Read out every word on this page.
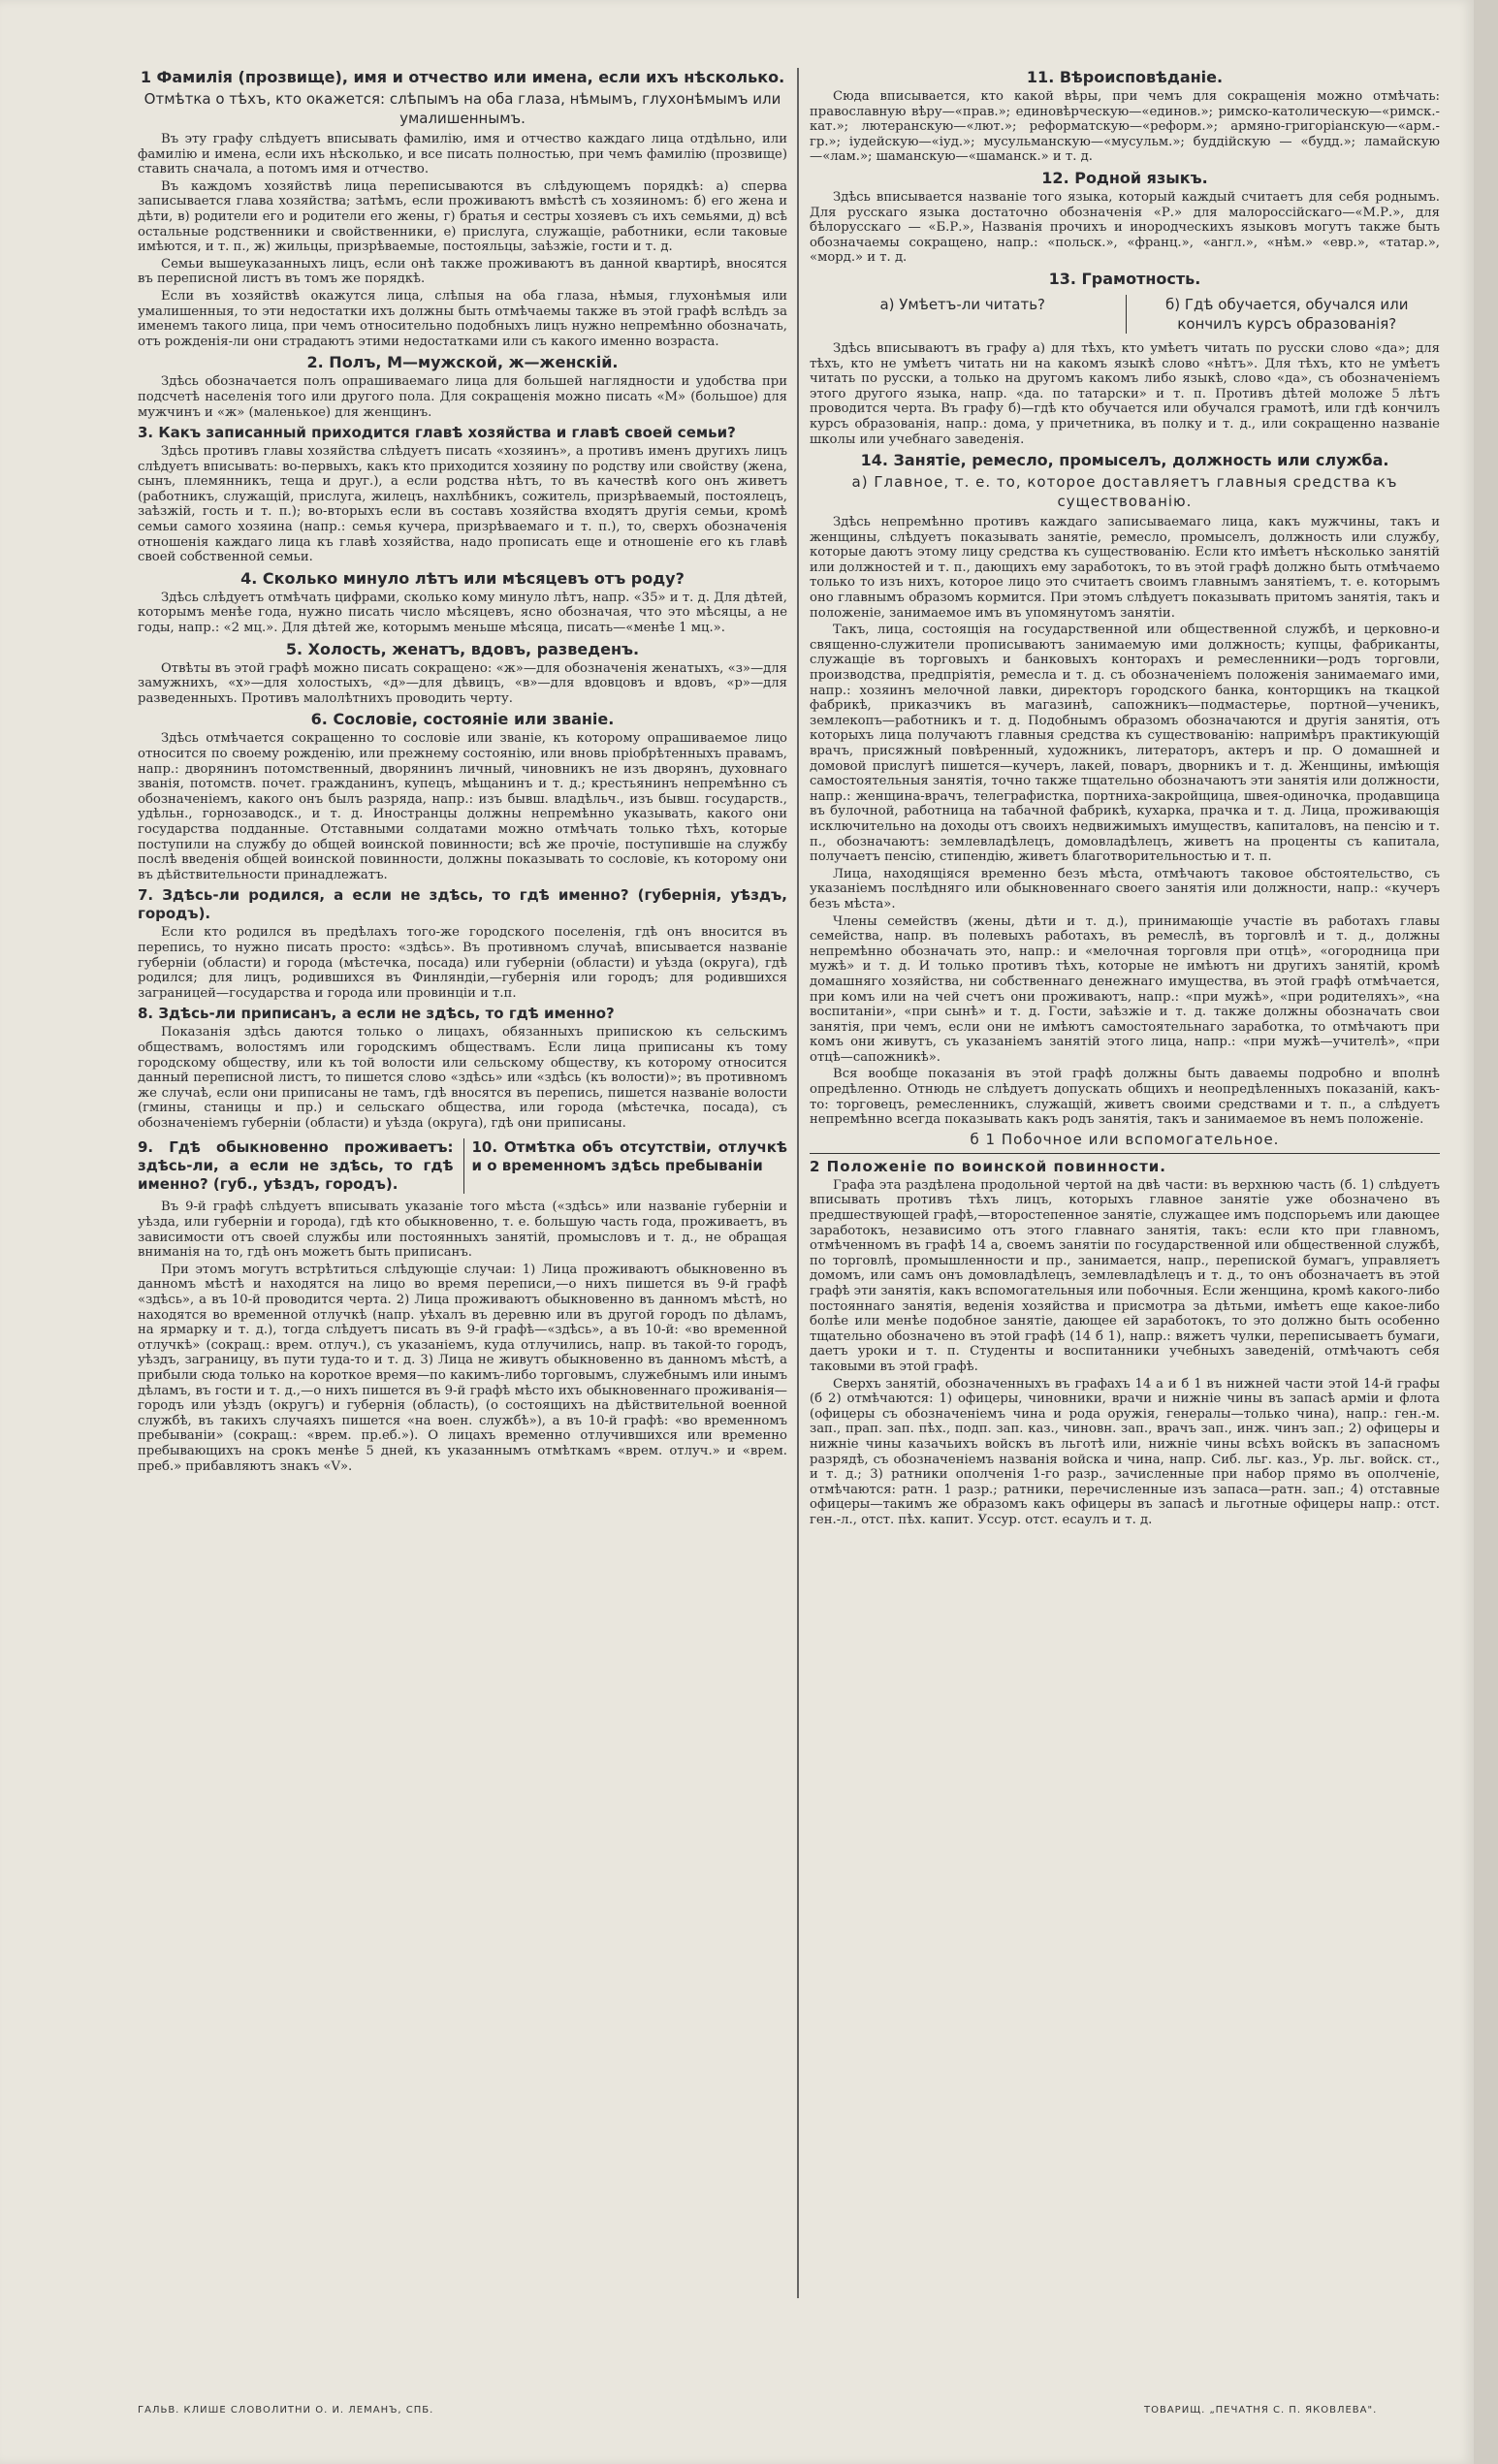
1 Фамилія (прозвище), имя и отчество или имена, если ихъ нѣсколько.
Отмѣтка о тѣхъ, кто окажется: слѣпымъ на оба глаза, нѣмымъ, глухонѣмымъ или умалишеннымъ.

Въ эту графу слѣдуетъ вписывать фамилію, имя и отчество каждаго лица отдѣльно, или фамилію и имена, если ихъ нѣсколько, и все писать полностью, при чемъ фамилію (прозвище) ставить сначала, а потомъ имя и отчество.

Въ каждомъ хозяйствѣ лица переписываются въ слѣдующемъ порядкѣ: а) сперва записывается глава хозяйства; затѣмъ, если проживаютъ вмѣстѣ съ хозяиномъ: б) его жена и дѣти, в) родители его и родители его жены, г) братья и сестры хозяевъ съ ихъ семьями, д) всѣ остальные родственники и свойственники, е) прислуга, служащіе, работники, если таковые имѣются, и т. п., ж) жильцы, призрѣваемые, постояльцы, заѣзжіе, гости и т. д.

Семьи вышеуказанныхъ лицъ, если онѣ также проживаютъ въ данной квартирѣ, вносятся въ переписной листъ въ томъ же порядкѣ.

Если въ хозяйствѣ окажутся лица, слѣпыя на оба глаза, нѣмыя, глухонѣмыя или умалишенныя, то эти недостатки ихъ должны быть отмѣчаемы также въ этой графѣ вслѣдъ за именемъ такого лица, при чемъ относительно подобныхъ лицъ нужно непремѣнно обозначать, отъ рожденія-ли они страдаютъ этими недостатками или съ какого именно возраста.

2. Полъ, М—мужской, ж—женскій.

Здѣсь обозначается полъ опрашиваемаго лица для большей наглядности и удобства при подсчетѣ населенія того или другого пола. Для сокращенія можно писать «М» (большое) для мужчинъ и «ж» (маленькое) для женщинъ.

3. Какъ записанный приходится главѣ хозяйства и главѣ своей семьи?

Здѣсь противъ главы хозяйства слѣдуетъ писать «хозяинъ», а противъ именъ другихъ лицъ слѣдуетъ вписывать: во-первыхъ, какъ кто приходится хозяину по родству или свойству (жена, сынъ, племянникъ, теща и друг.), а если родства нѣтъ, то въ качествѣ кого онъ живетъ (работникъ, служащій, прислуга, жилецъ, нахлѣбникъ, сожитель, призрѣваемый, постоялецъ, заѣзжій, гость и т. п.); во-вторыхъ если въ составъ хозяйства входятъ другія семьи, кромѣ семьи самого хозяина (напр.: семья кучера, призрѣваемаго и т. п.), то, сверхъ обозначенія отношенія каждаго лица къ главѣ хозяйства, надо прописать еще и отношеніе его къ главѣ своей собственной семьи.

4. Сколько минуло лѣтъ или мѣсяцевъ отъ роду?

Здѣсь слѣдуетъ отмѣчать цифрами, сколько кому минуло лѣтъ, напр. «35» и т. д. Для дѣтей, которымъ менѣе года, нужно писать число мѣсяцевъ, ясно обозначая, что это мѣсяцы, а не годы, напр.: «2 мц.». Для дѣтей же, которымъ меньше мѣсяца, писать—«менѣе 1 мц.».

5. Холость, женатъ, вдовъ, разведенъ.

Отвѣты въ этой графѣ можно писать сокращено: «ж»—для обозначенія женатыхъ, «з»—для замужнихъ, «х»—для холостыхъ, «д»—для дѣвицъ, «в»—для вдовцовъ и вдовъ, «р»—для разведенныхъ. Противъ малолѣтнихъ проводить черту.

6. Сословіе, состояніе или званіе.

Здѣсь отмѣчается сокращенно то сословіе или званіе, къ которому опрашиваемое лицо относится по своему рожденію, или прежнему состоянію, или вновь пріобрѣтенныхъ правамъ, напр.: дворянинъ потомственный, дворянинъ личный, чиновникъ не изъ дворянъ, духовнаго званія, потомств. почет. гражданинъ, купецъ, мѣщанинъ и т. д.; крестьянинъ непремѣнно съ обозначеніемъ, какого онъ былъ разряда, напр.: изъ бывш. владѣльч., изъ бывш. государств., удѣльн., горнозаводск., и т. д. Иностранцы должны непремѣнно указывать, какого они государства подданные. Отставными солдатами можно отмѣчать только тѣхъ, которые поступили на службу до общей воинской повинности; всѣ же прочіе, поступившіе на службу послѣ введенія общей воинской повинности, должны показывать то сословіе, къ которому они въ дѣйствительности принадлежатъ.

7. Здѣсь-ли родился, а если не здѣсь, то гдѣ именно? (губернія, уѣздъ, городъ).

Если кто родился въ предѣлахъ того-же городского поселенія, гдѣ онъ вносится въ перепись, то нужно писать просто: «здѣсь». Въ противномъ случаѣ, вписывается названіе губерніи (области) и города (мѣстечка, посада) или губерніи (области) и уѣзда (округа), гдѣ родился; для лицъ, родившихся въ Финляндіи,—губернія или городъ; для родившихся заграницей—государства и города или провинціи и т.п.

8. Здѣсь-ли приписанъ, а если не здѣсь, то гдѣ именно?

Показанія здѣсь даются только о лицахъ, обязанныхъ припискою къ сельскимъ обществамъ, волостямъ или городскимъ обществамъ. Если лица приписаны къ тому городскому обществу, или къ той волости или сельскому обществу, къ которому относится данный переписной листъ, то пишется слово «здѣсь» или «здѣсь (къ волости)»; въ противномъ же случаѣ, если они приписаны не тамъ, гдѣ вносятся въ перепись, пишется названіе волости (гмины, станицы и пр.) и сельскаго общества, или города (мѣстечка, посада), съ обозначеніемъ губерніи (области) и уѣзда (округа), гдѣ они приписаны.

9. Гдѣ обыкновенно проживаетъ: здѣсь-ли, а если не здѣсь, то гдѣ именно? (губ., уѣздъ, городъ).
10. Отмѣтка объ отсутствіи, отлучкѣ и о временномъ здѣсь пребываніи

Въ 9-й графѣ слѣдуетъ вписывать указаніе того мѣста («здѣсь» или названіе губерніи и уѣзда, или губерніи и города), гдѣ кто обыкновенно, т. е. большую часть года, проживаетъ, въ зависимости отъ своей службы или постоянныхъ занятій, промысловъ и т. д., не обращая вниманія на то, гдѣ онъ можетъ быть приписанъ.

При этомъ могутъ встрѣтиться слѣдующіе случаи: 1) Лица проживаютъ обыкновенно въ данномъ мѣстѣ и находятся на лицо во время переписи,—о нихъ пишется въ 9-й графѣ «здѣсь», а въ 10-й проводится черта. 2) Лица проживаютъ обыкновенно въ данномъ мѣстѣ, но находятся во временной отлучкѣ (напр. уѣхалъ въ деревню или въ другой городъ по дѣламъ, на ярмарку и т. д.), тогда слѣдуетъ писать въ 9-й графѣ—«здѣсь», а въ 10-й: «во временной отлучкѣ» (сокращ.: врем. отлуч.), съ указаніемъ, куда отлучились, напр. въ такой-то городъ, уѣздъ, заграницу, въ пути туда-то и т. д. 3) Лица не живутъ обыкновенно въ данномъ мѣстѣ, а прибыли сюда только на короткое время—по какимъ-либо торговымъ, служебнымъ или инымъ дѣламъ, въ гости и т. д.,—о нихъ пишется въ 9-й графѣ мѣсто ихъ обыкновеннаго проживанія—городъ или уѣздъ (округъ) и губернія (область), (о состоящихъ на дѣйствительной военной службѣ, въ такихъ случаяхъ пишется «на воен. службѣ»), а въ 10-й графѣ: «во временномъ пребываніи» (сокращ.: «врем. пр.еб.»). О лицахъ временно отлучившихся или временно пребывающихъ на срокъ менѣе 5 дней, къ указаннымъ отмѣткамъ «врем. отлуч.» и «врем. преб.» прибавляютъ знакъ «V».

11. Вѣроисповѣданіе.

Сюда вписывается, кто какой вѣры, при чемъ для сокращенія можно отмѣчать: православную вѣру—«прав.»; единовѣрческую—«единов.»; римско-католическую—«римск.-кат.»; лютеранскую—«лют.»; реформатскую—«реформ.»; армяно-григоріанскую—«арм.-гр.»; іудейскую—«іуд.»; мусульманскую—«мусульм.»; буддійскую — «будд.»; ламайскую—«лам.»; шаманскую—«шаманск.» и т. д.

12. Родной языкъ.

Здѣсь вписывается названіе того языка, который каждый считаетъ для себя роднымъ. Для русскаго языка достаточно обозначенія «Р.» для малороссійскаго—«М.Р.», для бѣлорусскаго — «Б.Р.», Названія прочихъ и инородческихъ языковъ могутъ также быть обозначаемы сокращено, напр.: «польск.», «франц.», «англ.», «нѣм.» «евр.», «татар.», «морд.» и т. д.

13. Грамотность.
а) Умѣетъ-ли читать?	б) Гдѣ обучается, обучался или кончилъ курсъ образованія?

Здѣсь вписываютъ въ графу а) для тѣхъ, кто умѣетъ читать по русски слово «да»; для тѣхъ, кто не умѣетъ читать ни на какомъ языкѣ слово «нѣтъ». Для тѣхъ, кто не умѣетъ читать по русски, а только на другомъ какомъ либо языкѣ, слово «да», съ обозначеніемъ этого другого языка, напр. «да. по татарски» и т. п. Противъ дѣтей моложе 5 лѣтъ проводится черта. Въ графу б)—гдѣ кто обучается или обучался грамотѣ, или гдѣ кончилъ курсъ образованія, напр.: дома, у причетника, въ полку и т. д., или сокращенно названіе школы или учебнаго заведенія.

14. Занятіе, ремесло, промыселъ, должность или служба.
а) Главное, т. е. то, которое доставляетъ главныя средства къ существованію.

Здѣсь непремѣнно противъ каждаго записываемаго лица, какъ мужчины, такъ и женщины, слѣдуетъ показывать занятіе, ремесло, промыселъ, должность или службу, которые даютъ этому лицу средства къ существованію. Если кто имѣетъ нѣсколько занятій или должностей и т. п., дающихъ ему заработокъ, то въ этой графѣ должно быть отмѣчаемо только то изъ нихъ, которое лицо это считаетъ своимъ главнымъ занятіемъ, т. е. которымъ оно главнымъ образомъ кормится. При этомъ слѣдуетъ показывать притомъ занятія, такъ и положеніе, занимаемое имъ въ упомянутомъ занятіи.

Такъ, лица, состоящія на государственной или общественной службѣ, и церковно-и священно-служители прописываютъ занимаемую ими должность; купцы, фабриканты, служащіе въ торговыхъ и банковыхъ конторахъ и ремесленники—родъ торговли, производства, предпріятія, ремесла и т. д. съ обозначеніемъ положенія занимаемаго ими, напр.: хозяинъ мелочной лавки, директоръ городского банка, конторщикъ на ткацкой фабрикѣ, приказчикъ въ магазинѣ, сапожникъ—подмастерье, портной—ученикъ, землекопъ—работникъ и т. д. Подобнымъ образомъ обозначаются и другія занятія, отъ которыхъ лица получаютъ главныя средства къ существованію: напримѣръ практикующій врачъ, присяжный повѣренный, художникъ, литераторъ, актеръ и пр. О домашней и домовой прислугѣ пишется—кучеръ, лакей, поваръ, дворникъ и т. д. Женщины, имѣющія самостоятельныя занятія, точно также тщательно обозначаютъ эти занятія или должности, напр.: женщина-врачъ, телеграфистка, портниха-закройщица, швея-одиночка, продавщица въ булочной, работница на табачной фабрикѣ, кухарка, прачка и т. д. Лица, проживающія исключительно на доходы отъ своихъ недвижимыхъ имуществъ, капиталовъ, на пенсію и т. п., обозначаютъ: землевладѣлецъ, домовладѣлецъ, живетъ на проценты съ капитала, получаетъ пенсію, стипендію, живетъ благотворительностью и т. п.

Лица, находящіяся временно безъ мѣста, отмѣчаютъ таковое обстоятельство, съ указаніемъ послѣдняго или обыкновеннаго своего занятія или должности, напр.: «кучеръ безъ мѣста».

Члены семействъ (жены, дѣти и т. д.), принимающіе участіе въ работахъ главы семейства, напр. въ полевыхъ работахъ, въ ремеслѣ, въ торговлѣ и т. д., должны непремѣнно обозначать это, напр.: и «мелочная торговля при отцѣ», «огородница при мужѣ» и т. д. И только противъ тѣхъ, которые не имѣютъ ни другихъ занятій, кромѣ домашняго хозяйства, ни собственнаго денежнаго имущества, въ этой графѣ отмѣчается, при комъ или на чей счетъ они проживаютъ, напр.: «при мужѣ», «при родителяхъ», «на воспитаніи», «при сынѣ» и т. д. Гости, заѣзжіе и т. д. также должны обозначать свои занятія, при чемъ, если они не имѣютъ самостоятельнаго заработка, то отмѣчаютъ при комъ они живутъ, съ указаніемъ занятій этого лица, напр.: «при мужѣ—учителѣ», «при отцѣ—сапожникѣ».

Вся вообще показанія въ этой графѣ должны быть даваемы подробно и вполнѣ опредѣленно. Отнюдь не слѣдуетъ допускать общихъ и неопредѣленныхъ показаній, какъ-то: торговецъ, ремесленникъ, служащій, живетъ своими средствами и т. п., а слѣдуетъ непремѣнно всегда показывать какъ родъ занятія, такъ и занимаемое въ немъ положеніе.

б 1 Побочное или вспомогательное.
2 Положеніе по воинской повинности.

Графа эта раздѣлена продольной чертой на двѣ части: въ верхнюю часть (б. 1) слѣдуетъ вписывать противъ тѣхъ лицъ, которыхъ главное занятіе уже обозначено въ предшествующей графѣ,—второстепенное занятіе, служащее имъ подспорьемъ или дающее заработокъ, независимо отъ этого главнаго занятія, такъ: если кто при главномъ, отмѣченномъ въ графѣ 14 а, своемъ занятіи по государственной или общественной службѣ, по торговлѣ, промышленности и пр., занимается, напр., перепиской бумагъ, управляетъ домомъ, или самъ онъ домовладѣлецъ, землевладѣлецъ и т. д., то онъ обозначаетъ въ этой графѣ эти занятія, какъ вспомогательныя или побочныя. Если женщина, кромѣ какого-либо постояннаго занятія, веденія хозяйства и присмотра за дѣтьми, имѣетъ еще какое-либо болѣе или менѣе подобное занятіе, дающее ей заработокъ, то это должно быть особенно тщательно обозначено въ этой графѣ (14 б 1), напр.: вяжетъ чулки, переписываетъ бумаги, даетъ уроки и т. п. Студенты и воспитанники учебныхъ заведеній, отмѣчаютъ себя таковыми въ этой графѣ.

Сверхъ занятій, обозначенныхъ въ графахъ 14 а и б 1 въ нижней части этой 14-й графы (б 2) отмѣчаются: 1) офицеры, чиновники, врачи и нижніе чины въ запасѣ арміи и флота (офицеры съ обозначеніемъ чина и рода оружія, генералы—только чина), напр.: ген.-м. зап., прап. зап. пѣх., подп. зап. каз., чиновн. зап., врачъ зап., инж. чинъ зап.; 2) офицеры и нижніе чины казачьихъ войскъ въ льготѣ или, нижніе чины всѣхъ войскъ въ запасномъ разрядѣ, съ обозначеніемъ названія войска и чина, напр. Сиб. льг. каз., Ур. льг. войск. ст., и т. д.; 3) ратники ополченія 1-го разр., зачисленные при набор прямо въ ополченіе, отмѣчаются: ратн. 1 разр.; ратники, перечисленные изъ запаса—ратн. зап.; 4) отставные офицеры—такимъ же образомъ какъ офицеры въ запасѣ и льготные офицеры напр.: отст. ген.-л., отст. пѣх. капит. Уссур. отст. есаулъ и т. д.

ГАЛЬВ. КЛИШЕ СЛОВОЛИТНИ О. И. ЛЕМАНЪ, СПБ.	ТОВАРИЩ. „ПЕЧАТНЯ С. П. ЯКОВЛЕВА".
